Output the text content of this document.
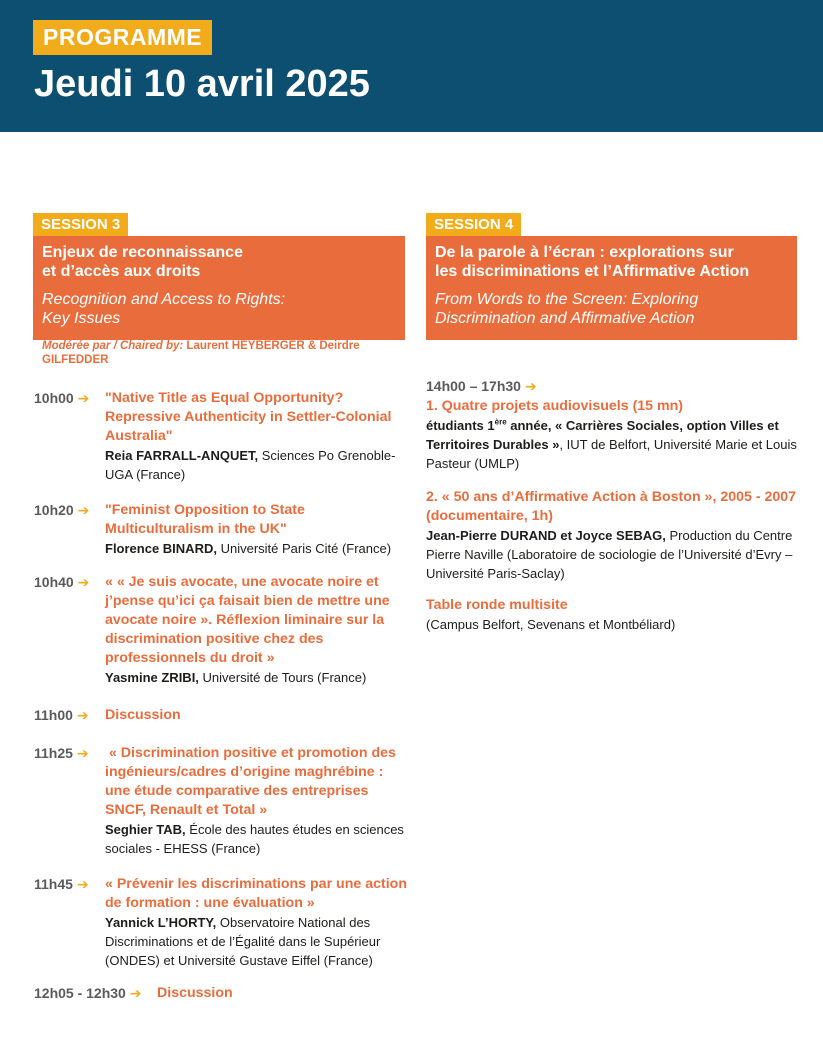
PROGRAMME
Jeudi 10 avril 2025
SESSION 3
Enjeux de reconnaissance
et d’accès aux droits
Recognition and Access to Rights:
Key Issues
Modérée par / Chaired by: Laurent HEYBERGER & Deirdre GILFEDDER
10h00 ➔ "Native Title as Equal Opportunity? Repressive Authenticity in Settler-Colonial Australia"
Reia FARRALL-ANQUET, Sciences Po Grenoble-UGA (France)
10h20 ➔ "Feminist Opposition to State Multiculturalism in the UK"
Florence BINARD, Université Paris Cité (France)
10h40 ➔ « « Je suis avocate, une avocate noire et j’pense qu’ici ça faisait bien de mettre une avocate noire ». Réflexion liminaire sur la discrimination positive chez des professionnels du droit »
Yasmine ZRIBI, Université de Tours (France)
11h00 ➔ Discussion
11h25 ➔ « Discrimination positive et promotion des ingénieurs/cadres d’origine maghrébine : une étude comparative des entreprises SNCF, Renault et Total »
Seghier TAB, École des hautes études en sciences sociales - EHESS (France)
11h45 ➔ « Prévenir les discriminations par une action de formation : une évaluation »
Yannick L’HORTY, Observatoire National des Discriminations et de l’Égalité dans le Supérieur (ONDES) et Université Gustave Eiffel (France)
12h05 - 12h30 ➔ Discussion
SESSION 4
De la parole à l’écran : explorations sur
les discriminations et l’Affirmative Action
From Words to the Screen: Exploring
Discrimination and Affirmative Action
14h00 – 17h30 ➔
1. Quatre projets audiovisuels (15 mn)
étudiants 1ère année, « Carrières Sociales, option Villes et Territoires Durables », IUT de Belfort, Université Marie et Louis Pasteur (UMLP)
2. « 50 ans d’Affirmative Action à Boston », 2005 - 2007 (documentaire, 1h)
Jean-Pierre DURAND et Joyce SEBAG, Production du Centre Pierre Naville (Laboratoire de sociologie de l’Université d’Evry – Université Paris-Saclay)
Table ronde multisite
(Campus Belfort, Sevenans et Montbéliard)
